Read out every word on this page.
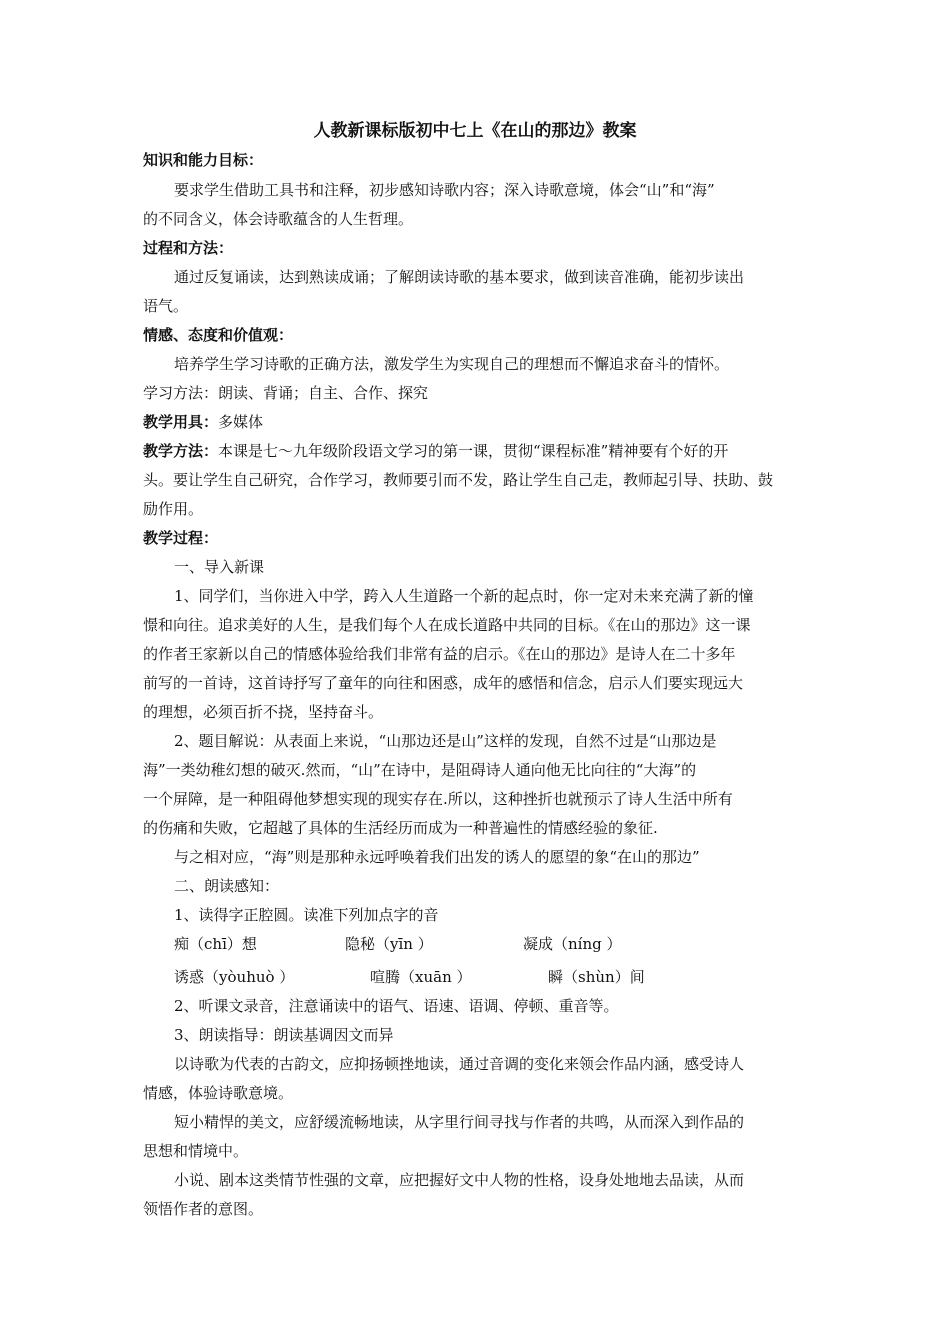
人教新课标版初中七上《在山的那边》教案
知识和能力目标：
要求学生借助工具书和注释，初步感知诗歌内容；深入诗歌意境，体会“山”和“海”
的不同含义，体会诗歌蕴含的人生哲理。
过程和方法：
通过反复诵读，达到熟读成诵；了解朗读诗歌的基本要求，做到读音准确，能初步读出
语气。
情感、态度和价值观：
培养学生学习诗歌的正确方法，激发学生为实现自己的理想而不懈追求奋斗的情怀。
学习方法：朗读、背诵；自主、合作、探究
教学用具：多媒体
教学方法：本课是七～九年级阶段语文学习的第一课，贯彻“课程标准”精神要有个好的开
头。要让学生自己研究，合作学习，教师要引而不发，路让学生自己走，教师起引导、扶助、鼓
励作用。
教学过程：
一、导入新课
1、同学们，当你进入中学，跨入人生道路一个新的起点时，你一定对未来充满了新的憧
憬和向往。追求美好的人生，是我们每个人在成长道路中共同的目标。《在山的那边》这一课
的作者王家新以自己的情感体验给我们非常有益的启示。《在山的那边》是诗人在二十多年
前写的一首诗，这首诗抒写了童年的向往和困惑，成年的感悟和信念，启示人们要实现远大
的理想，必须百折不挠，坚持奋斗。
2、题目解说：从表面上来说，“山那边还是山”这样的发现，自然不过是“山那边是
海”一类幼稚幻想的破灭.然而，“山”在诗中，是阻碍诗人通向他无比向往的“大海”的
一个屏障，是一种阻碍他梦想实现的现实存在.所以，这种挫折也就预示了诗人生活中所有
的伤痛和失败，它超越了具体的生活经历而成为一种普遍性的情感经验的象征.
与之相对应，“海”则是那种永远呼唤着我们出发的诱人的愿望的象“在山的那边”
二、朗读感知：
1、读得字正腔圆。读准下列加点字的音
痴（chī）想	隐秘（yīn ）	凝成（níng ）
诱惑（yòuhuò ）	喧腾（xuān ）	瞬（shùn）间
2、听课文录音，注意诵读中的语气、语速、语调、停顿、重音等。
3、朗读指导：朗读基调因文而异
以诗歌为代表的古韵文，应抑扬顿挫地读，通过音调的变化来领会作品内涵，感受诗人
情感，体验诗歌意境。
短小精悍的美文，应舒缓流畅地读，从字里行间寻找与作者的共鸣，从而深入到作品的
思想和情境中。
小说、剧本这类情节性强的文章，应把握好文中人物的性格，设身处地地去品读，从而
领悟作者的意图。
